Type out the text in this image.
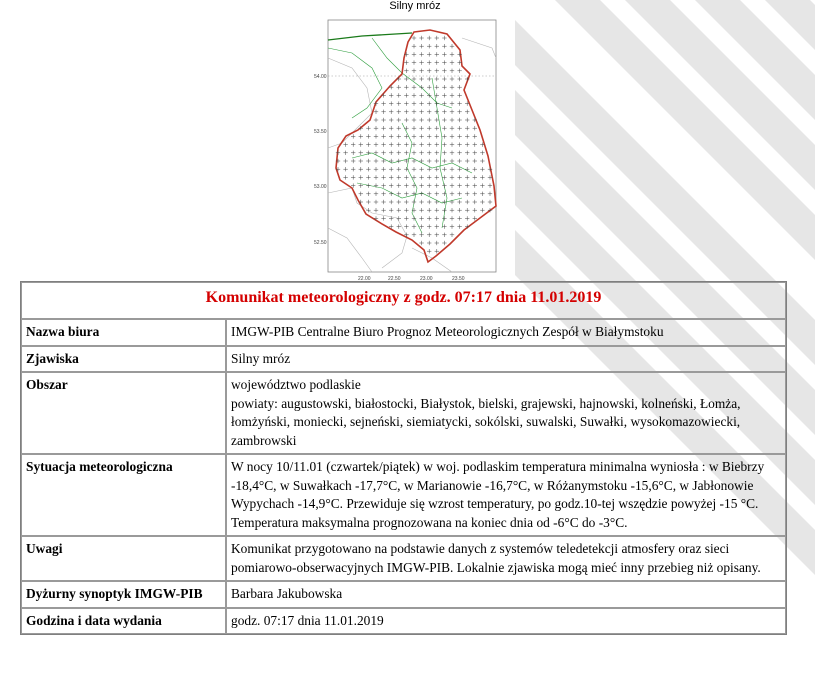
Silny mróz
54.00
53.50
53.00
52.50
22.00	22.50	23.00	23.50
Komunikat meteorologiczny z godz. 07:17 dnia 11.01.2019	
Nazwa biura	IMGW-PIB Centralne Biuro Prognoz Meteorologicznych Zespół w Białymstoku
Zjawiska	Silny mróz
Obszar	województwo podlaskie
powiaty: augustowski, białostocki, Białystok, bielski, grajewski, hajnowski, kolneński, Łomża, łomżyński, moniecki, sejneński, siemiatycki, sokólski, suwalski, Suwałki, wysokomazowiecki, zambrowski

Sytuacja meteorologiczna	W nocy 10/11.01 (czwartek/piątek) w woj. podlaskim temperatura minimalna wyniosła : w Biebrzy -18,4°C, w Suwałkach -17,7°C, w Marianowie -16,7°C, w Różanymstoku -15,6°C, w Jabłonowie Wypychach -14,9°C. Przewiduje się wzrost temperatury, po godz.10-tej wszędzie powyżej -15 °C. Temperatura maksymalna prognozowana na koniec dnia od -6°C do -3°C.
Uwagi	Komunikat przygotowano na podstawie danych z systemów teledetekcji atmosfery oraz sieci pomiarowo-obserwacyjnych IMGW-PIB. Lokalnie zjawiska mogą mieć inny przebieg niż opisany.
Dyżurny synoptyk IMGW-PIB	Barbara Jakubowska
Godzina i data wydania	godz. 07:17 dnia 11.01.2019
